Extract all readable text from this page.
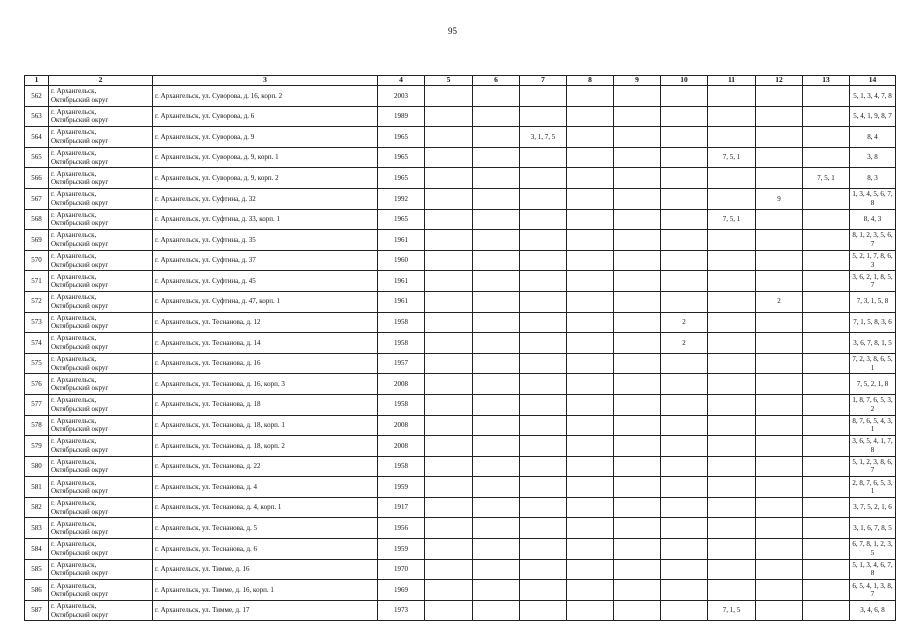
95
1	2	3	4	5	6	7	8	9	10	11	12	13	14
562	г. Архангельск,
Октябрьский округ	г. Архангельск, ул. Суворова, д. 16, корп. 2	2003										5, 1, 3, 4, 7, 8
563	г. Архангельск,
Октябрьский округ	г. Архангельск, ул. Суворова, д. 6	1989										5, 4, 1, 9, 8, 7
564	г. Архангельск,
Октябрьский округ	г. Архангельск, ул. Суворова, д. 9	1965			3, 1, 7, 5							8, 4
565	г. Архангельск,
Октябрьский округ	г. Архангельск, ул. Суворова, д. 9, корп. 1	1965							7, 5, 1			3, 8
566	г. Архангельск,
Октябрьский округ	г. Архангельск, ул. Суворова, д. 9, корп. 2	1965									7, 5, 1	8, 3
567	г. Архангельск,
Октябрьский округ	г. Архангельск, ул. Суфтина, д. 32	1992								9		1, 3, 4, 5, 6, 7, 8
568	г. Архангельск,
Октябрьский округ	г. Архангельск, ул. Суфтина, д. 33, корп. 1	1965							7, 5, 1			8, 4, 3
569	г. Архангельск,
Октябрьский округ	г. Архангельск, ул. Суфтина, д. 35	1961										8, 1, 2, 3, 5, 6, 7
570	г. Архангельск,
Октябрьский округ	г. Архангельск, ул. Суфтина, д. 37	1960										5, 2, 1, 7, 8, 6, 3
571	г. Архангельск,
Октябрьский округ	г. Архангельск, ул. Суфтина, д. 45	1961										3, 6, 2, 1, 8, 5, 7
572	г. Архангельск,
Октябрьский округ	г. Архангельск, ул. Суфтина, д. 47, корп. 1	1961								2		7, 3, 1, 5, 8
573	г. Архангельск,
Октябрьский округ	г. Архангельск, ул. Теснанова, д. 12	1958						2				7, 1, 5, 8, 3, 6
574	г. Архангельск,
Октябрьский округ	г. Архангельск, ул. Теснанова, д. 14	1958						2				3, 6, 7, 8, 1, 5
575	г. Архангельск,
Октябрьский округ	г. Архангельск, ул. Теснанова, д. 16	1957										7, 2, 3, 8, 6, 5, 1
576	г. Архангельск,
Октябрьский округ	г. Архангельск, ул. Теснанова, д. 16, корп. 3	2008										7, 5, 2, 1, 8
577	г. Архангельск,
Октябрьский округ	г. Архангельск, ул. Теснанова, д. 18	1958										1, 8, 7, 6, 5, 3, 2
578	г. Архангельск,
Октябрьский округ	г. Архангельск, ул. Теснанова, д. 18, корп. 1	2008										8, 7, 6, 5, 4, 3, 1
579	г. Архангельск,
Октябрьский округ	г. Архангельск, ул. Теснанова, д. 18, корп. 2	2008										3, 6, 5, 4, 1, 7, 8
580	г. Архангельск,
Октябрьский округ	г. Архангельск, ул. Теснанова, д. 22	1958										5, 1, 2, 3, 8, 6, 7
581	г. Архангельск,
Октябрьский округ	г. Архангельск, ул. Теснанова, д. 4	1959										2, 8, 7, 6, 5, 3, 1
582	г. Архангельск,
Октябрьский округ	г. Архангельск, ул. Теснанова, д. 4, корп. 1	1917										3, 7, 5, 2, 1, 6
583	г. Архангельск,
Октябрьский округ	г. Архангельск, ул. Теснанова, д. 5	1956										3, 1, 6, 7, 8, 5
584	г. Архангельск,
Октябрьский округ	г. Архангельск, ул. Теснанова, д. 6	1959										6, 7, 8, 1, 2, 3, 5
585	г. Архангельск,
Октябрьский округ	г. Архангельск, ул. Тимме, д. 16	1970										5, 1, 3, 4, 6, 7, 8
586	г. Архангельск,
Октябрьский округ	г. Архангельск, ул. Тимме, д. 16, корп. 1	1969										6, 5, 4, 1, 3, 8, 7
587	г. Архангельск,
Октябрьский округ	г. Архангельск, ул. Тимме, д. 17	1973							7, 1, 5			3, 4, 6, 8
